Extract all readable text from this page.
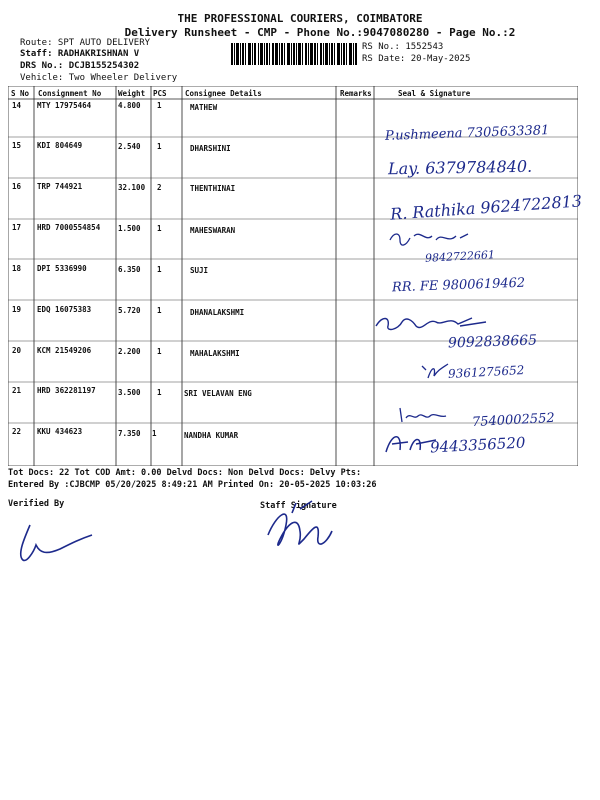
THE PROFESSIONAL COURIERS, COIMBATORE
Delivery Runsheet - CMP - Phone No.:9047080280 - Page No.:2
Route: SPT AUTO DELIVERY
Staff: RADHAKRISHNAN V
DRS No.: DCJB155254302
Vehicle: Two Wheeler Delivery
RS No.: 1552543
RS Date: 20-May-2025
S No Consignment No Weight PCS Consignee Details	Remarks	Seal & Signature
14 MTY 17975464	4.800 1	MATHEW
P.ushmeena 7305633381
15 KDI 804649	2.540 1	DHARSHINI
Lay. 6379784840.
16 TRP 744921	32.100 2	THENTHINAI
R. Rathika 9624722813
17 HRD 7000554854 1.500 1	MAHESWARAN
9842722661
18 DPI 5336990	6.350 1	SUJI
RR. FE 9800619462
19 EDQ 16075383	5.720 1	DHANALAKSHMI
9092838665
20 KCM 21549206	2.200 1	MAHALAKSHMI
9361275652
21 HRD 362281197	3.500 1	SRI VELAVAN ENG
7540002552
22 KKU 434623	7.350 1	NANDHA KUMAR	9443356520
Tot Docs: 22 Tot COD Amt: 0.00 Delvd Docs: Non Delvd Docs: Delvy Pts:
Entered By :CJBCMP 05/20/2025 8:49:21 AM Printed On: 20-05-2025 10:03:26
Verified By	Staff Signature
